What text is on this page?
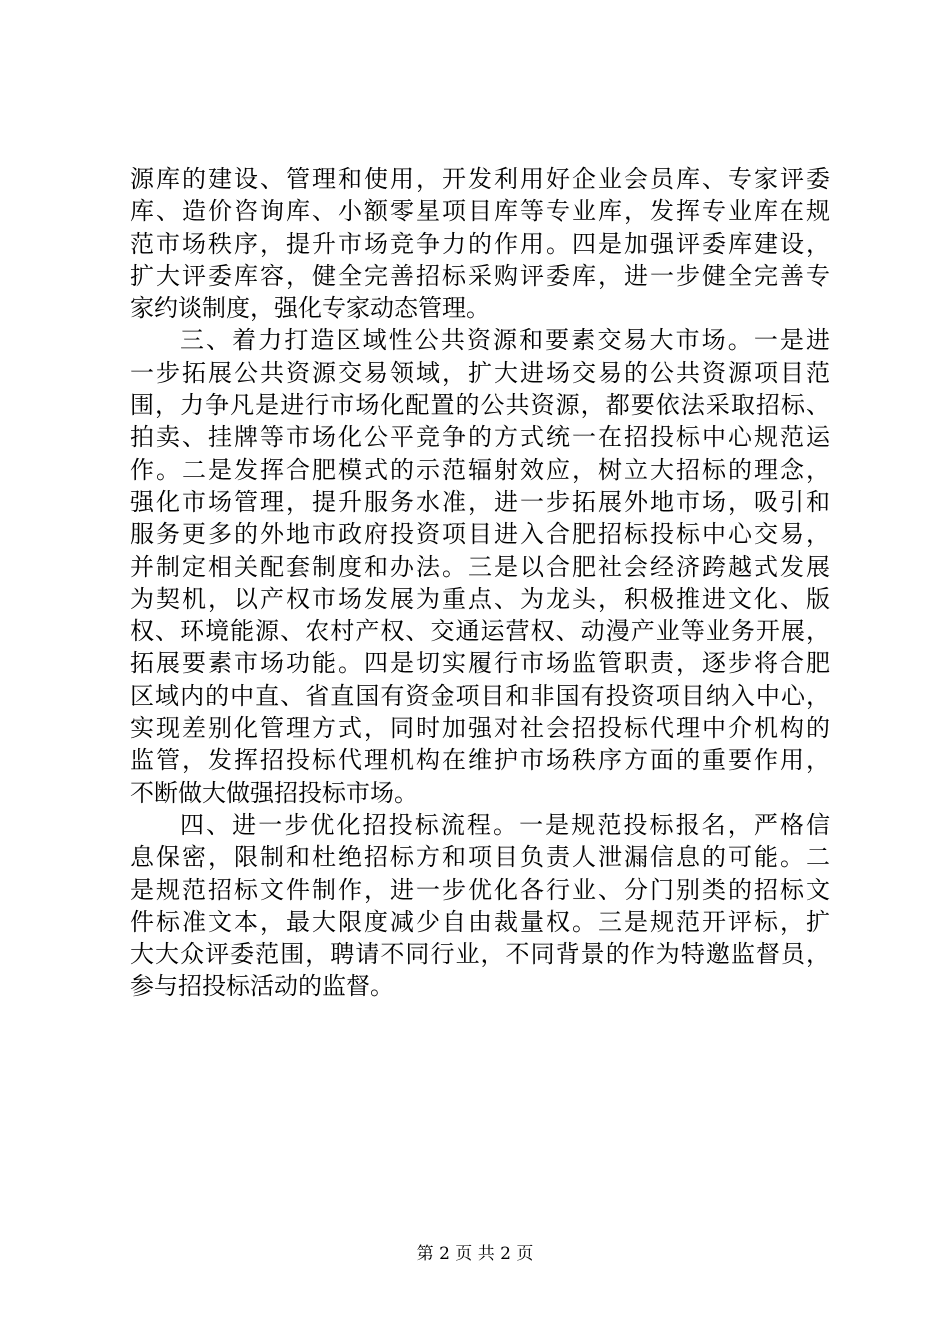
源库的建设、管理和使用，开发利用好企业会员库、专家评委
库、造价咨询库、小额零星项目库等专业库，发挥专业库在规
范市场秩序，提升市场竞争力的作用。四是加强评委库建设，
扩大评委库容，健全完善招标采购评委库，进一步健全完善专
家约谈制度，强化专家动态管理。
三、着力打造区域性公共资源和要素交易大市场。一是进
一步拓展公共资源交易领域，扩大进场交易的公共资源项目范
围，力争凡是进行市场化配置的公共资源，都要依法采取招标、
拍卖、挂牌等市场化公平竞争的方式统一在招投标中心规范运
作。二是发挥合肥模式的示范辐射效应，树立大招标的理念，
强化市场管理，提升服务水准，进一步拓展外地市场，吸引和
服务更多的外地市政府投资项目进入合肥招标投标中心交易，
并制定相关配套制度和办法。三是以合肥社会经济跨越式发展
为契机，以产权市场发展为重点、为龙头，积极推进文化、版
权、环境能源、农村产权、交通运营权、动漫产业等业务开展，
拓展要素市场功能。四是切实履行市场监管职责，逐步将合肥
区域内的中直、省直国有资金项目和非国有投资项目纳入中心，
实现差别化管理方式，同时加强对社会招投标代理中介机构的
监管，发挥招投标代理机构在维护市场秩序方面的重要作用，
不断做大做强招投标市场。
四、进一步优化招投标流程。一是规范投标报名，严格信
息保密，限制和杜绝招标方和项目负责人泄漏信息的可能。二
是规范招标文件制作，进一步优化各行业、分门别类的招标文
件标准文本，最大限度减少自由裁量权。三是规范开评标，扩
大大众评委范围，聘请不同行业，不同背景的作为特邀监督员，
参与招投标活动的监督。
第 2 页 共 2 页
